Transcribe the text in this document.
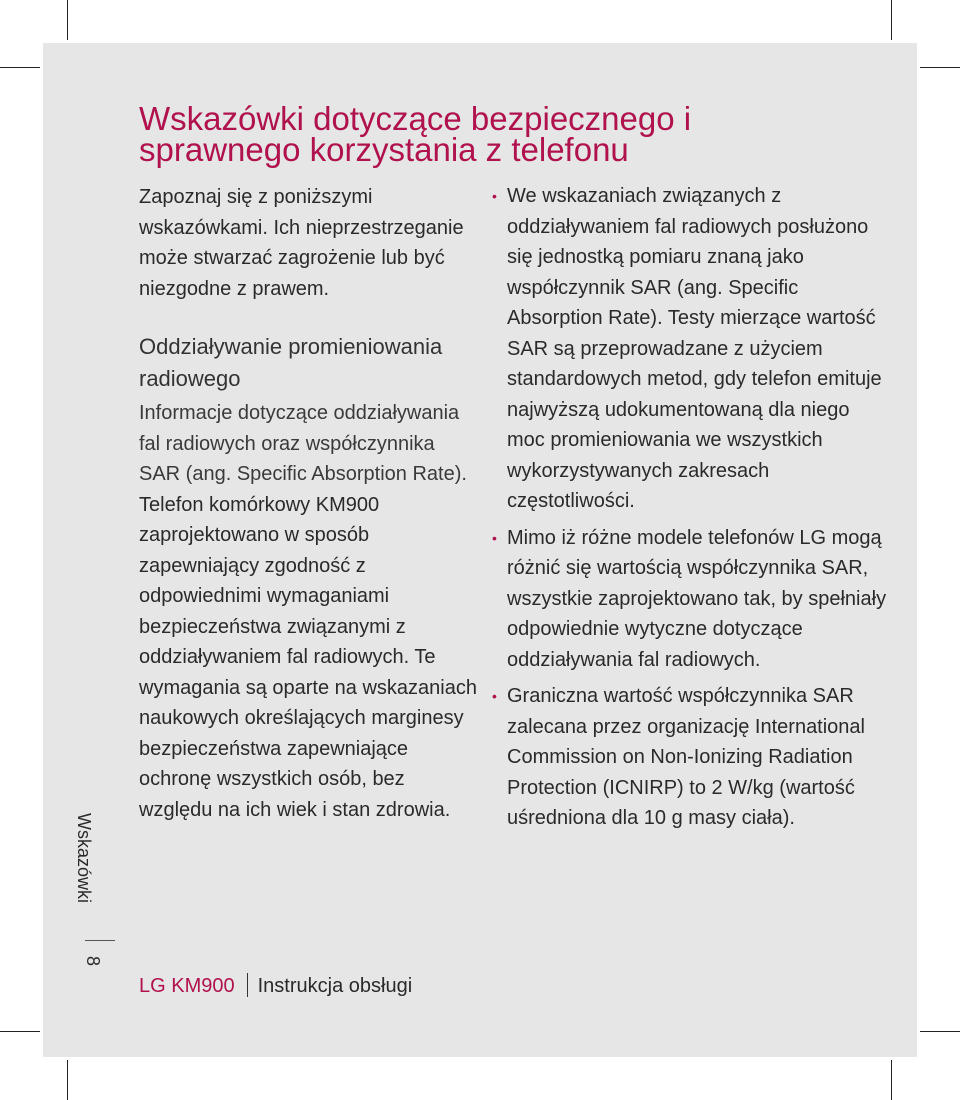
Wskazówki dotyczące bezpiecznego i
sprawnego korzystania z telefonu

Zapoznaj się z poniższymi wskazówkami. Ich nieprzestrzeganie może stwarzać zagrożenie lub być niezgodne z prawem.

Oddziaływanie promieniowania radiowego

Informacje dotyczące oddziaływania fal radiowych oraz współczynnika SAR (ang. Specific Absorption Rate).

Telefon komórkowy KM900 zaprojektowano w sposób zapewniający zgodność z odpowiednimi wymaganiami bezpieczeństwa związanymi z oddziaływaniem fal radiowych. Te wymagania są oparte na wskazaniach naukowych określających marginesy bezpieczeństwa zapewniające ochronę wszystkich osób, bez względu na ich wiek i stan zdrowia.

• We wskazaniach związanych z oddziaływaniem fal radiowych posłużono się jednostką pomiaru znaną jako współczynnik SAR (ang. Specific Absorption Rate). Testy mierzące wartość SAR są przeprowadzane z użyciem standardowych metod, gdy telefon emituje najwyższą udokumentowaną dla niego moc promieniowania we wszystkich wykorzystywanych zakresach częstotliwości.
• Mimo iż różne modele telefonów LG mogą różnić się wartością współczynnika SAR, wszystkie zaprojektowano tak, by spełniały odpowiednie wytyczne dotyczące oddziaływania fal radiowych.
• Graniczna wartość współczynnika SAR zalecana przez organizację International Commission on Non-Ionizing Radiation Protection (ICNIRP) to 2 W/kg (wartość uśredniona dla 10 g masy ciała).
Wskazówki
8
LG KM900 Instrukcja obsługi
